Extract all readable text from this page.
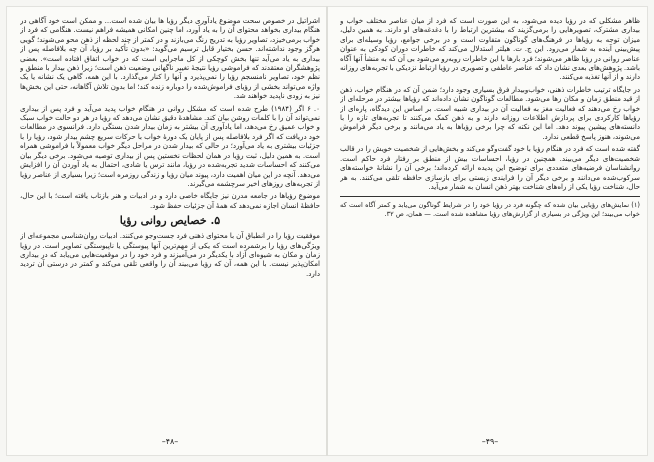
اشراتیل در خصوص سحت موضوع یادآوری دیگر رؤیا ها بیان شده است... و ممکن است خود آگاهی در هنگام بیداری بخواهد محتوای آن را به یاد آورد، اما چنین امکانی همیشه فراهم نیست. هنگامی که فرد از خواب برمی‌خیزد، تصاویر رؤیا به تدریج رنگ می‌بازند و در کمتر از چند لحظه از ذهن محو می‌شوند؛ گویی هرگز وجود نداشته‌اند. حسن بختیار قابل ترسیم می‌گوید: «بدون تأکید بر رؤیا، آن چه بلافاصله پس از بیداری به یاد می‌آید تنها بخش کوچکی از کل ماجرایی است که در خواب اتفاق افتاده است». بعضی پژوهشگران معتقدند که فراموشی رؤیا نتیجهٔ تغییر ناگهانی وضعیت ذهن است؛ زیرا ذهن بیدار با منطق و نظم خود، تصاویر نامنسجم رؤیا را نمی‌پذیرد و آنها را کنار می‌گذارد. با این همه، گاهی یک نشانه یا یک واژه می‌تواند بخشی از رؤیای فراموش‌شده را دوباره زنده کند؛ اما بدون تلاش آگاهانه، حتی این بخش‌ها نیز به زودی ناپدید خواهند شد.

۰. ۶ اگر (۱۹۸۴) طرح شده است که مشکل روانی در هنگام خواب پدید می‌آید و فرد پس از بیداری نمی‌تواند آن را با کلمات روشن بیان کند. مشاهدهٔ دقیق نشان می‌دهد که رؤیا در هر دو حالت خواب سبک و خواب عمیق رخ می‌دهد، اما یادآوری آن بیشتر به زمان بیدار شدن بستگی دارد. فرانسوی در مطالعات خود دریافت که اگر فرد بلافاصله پس از پایان یک دورهٔ خواب با حرکات سریع چشم بیدار شود، رؤیا را با جزئیات بیشتری به یاد می‌آورد؛ در حالی که بیدار شدن در مراحل دیگر خواب معمولاً با فراموشی همراه است. به همین دلیل، ثبت رؤیا در همان لحظات نخستین پس از بیداری توصیه می‌شود. برخی دیگر بیان می‌کنند که احساسات شدید تجربه‌شده در رؤیا، مانند ترس یا شادی، احتمال به یاد آوردن آن را افزایش می‌دهد. آنچه در این میان اهمیت دارد، پیوند میان رؤیا و زندگی روزمره است؛ زیرا بسیاری از عناصر رؤیا از تجربه‌های روزهای اخیر سرچشمه می‌گیرند.

موضوع رؤیاها در جامعه مدرن نیز جایگاه خاصی دارد و در ادبیات و هنر بازتاب یافته است؛ با این حال، حافظهٔ انسان اجازه نمی‌دهد که همهٔ آن جزئیات حفظ شود.

۵. خصایص روانی رؤیا

موفقیت رؤیا را در انطباق آن با محتوای ذهنی فرد جست‌وجو می‌کنند. ادبیات روان‌شناسی مجموعه‌ای از ویژگی‌های رؤیا را برشمرده است که یکی از مهم‌ترین آنها پیوستگی یا ناپیوستگی تصاویر است. در رؤیا زمان و مکان به شیوه‌ای آزاد با یکدیگر در می‌آمیزند و فرد خود را در موقعیت‌هایی می‌یابد که در بیداری امکان‌پذیر نیست. با این همه، آن که رؤیا می‌بیند آن را واقعی تلقی می‌کند و کمتر در درستی آن تردید دارد.

–۴۸–

ظاهر مشکلی که در رؤیا دیده می‌شود، به این صورت است که فرد از میان عناصر مختلف خواب و بیداری مشترک، تصویرهایی را برمی‌گزیند که بیشترین ارتباط را با دغدغه‌های او دارند. به همین دلیل، میزان توجه به رؤیاها در فرهنگ‌های گوناگون متفاوت است و در برخی جوامع، رؤیا وسیله‌ای برای پیش‌بینی آینده به شمار می‌رود. این ج. ت. هیلتر استدلال می‌کند که خاطرات دوران کودکی به عنوان عناصر روانی در رؤیا ظاهر می‌شوند؛ فرد بارها با این خاطرات روبه‌رو می‌شود بی آن که به منشأ آنها آگاه باشد. پژوهش‌های بعدی نشان داد که عناصر عاطفی و تصویری در رؤیا ارتباط نزدیکی با تجربه‌های روزانه دارند و از آنها تغذیه می‌کنند.

در جایگاه ترتیب خاطرات ذهنی، خواب‌وبیدار فرق بسیاری وجود دارد؛ ضمن آن که در هنگام خواب، ذهن از قید منطق زمان و مکان رها می‌شود. مطالعات گوناگون نشان داده‌اند که رؤیاها بیشتر در مرحله‌ای از خواب رخ می‌دهند که فعالیت مغز به فعالیت آن در بیداری شبیه است. بر اساس این دیدگاه، پاره‌ای از رؤیاها کارکردی برای پردازش اطلاعات روزانه دارند و به ذهن کمک می‌کنند تا تجربه‌های تازه را با دانسته‌های پیشین پیوند دهد. اما این نکته که چرا برخی رؤیاها به یاد می‌مانند و برخی دیگر فراموش می‌شوند، هنوز پاسخ قطعی ندارد.

گفته شده است که فرد در هنگام رؤیا با خود گفت‌وگو می‌کند و بخش‌هایی از شخصیت خویش را در قالب شخصیت‌های دیگر می‌بیند. همچنین در رؤیا، احساسات بیش از منطق بر رفتار فرد حاکم است. روانشناسان فرضیه‌های متعددی برای توضیح این پدیده ارائه کرده‌اند؛ برخی آن را نشانهٔ خواسته‌های سرکوب‌شده می‌دانند و برخی دیگر آن را فرایندی زیستی برای بازسازی حافظه تلقی می‌کنند. به هر حال، شناخت رؤیا یکی از راه‌های شناخت بهتر ذهن انسان به شمار می‌آید.

(۱) نمایش‌های رؤیایی بیان شده که چگونه فرد در رؤیا خود را در شرایط گوناگون می‌یابد و کمتر آگاه است که خواب می‌بیند؛ این ویژگی در بسیاری از گزارش‌های رؤیا مشاهده شده است. — همان، ص ۳۲.

–۴۹–
